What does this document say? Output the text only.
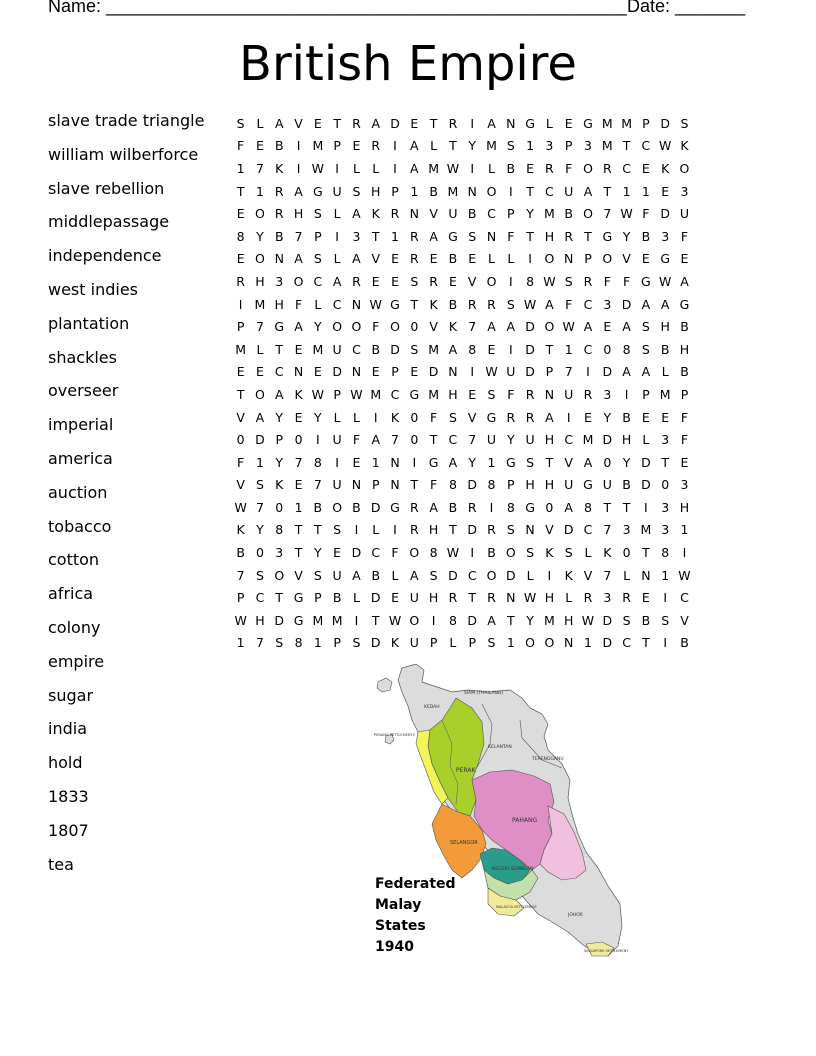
Name: ____________________________________________________ Date: _______
British Empire
slave trade triangle
william wilberforce
slave rebellion
middlepassage
independence
west indies
plantation
shackles
overseer
imperial
america
auction
tobacco
cotton
africa
colony
empire
sugar
india
hold
1833
1807
tea
S L A V E T R A D E T R	I	A N G L E G M M P D S
F E B	I M P E R	I	A L T Y M S 1 3 P 3 M T C W K
1 7 K	I W I	L L	I	A M W I	L B E R F O R C E K O
T 1 R A G U S H P 1 B M N O	I	T C U A T 1 1 E 3
E O R H S L A K R N V U B C P Y M B O 7 W F D U
8 Y B 7 P	I	3 T 1 R A G S N F T H R T G Y B 3 F
E O N A S L A V E R E B E L L	I	O N P O V E G E
R H 3 O C A R E E S R E V O	I	8 W S R F F G W A
I M H F L C N W G T K B R R S W A F C 3 D A A G
P 7 G A Y O O F O 0 V K 7 A A D O W A E A S H B
M L T E M U C B D S M A 8 E	I	D T 1 C 0 8 S B H
E E C N E D N E P E D N	I W U D P 7	I	D A A L B
T O A K W P W M C G M H E S F R N U R 3	I	P M P
V A Y E Y L L	I	K 0 F S V G R R A	I	E Y B E E F
0 D P 0	I	U F A 7 0 T C 7 U Y U H C M D H L 3 F
F 1 Y 7 8	I	E 1 N	I	G A Y 1 G S T V A 0 Y D T E
V S K E 7 U N P N T F 8 D 8 P H H U G U B D 0 3
W 7 0 1 B O B D G R A B R	I	8 G 0 A 8 T T	I	3 H
K Y 8 T T S	I	L	I	R H T D R S N V D C 7 3 M 3 1
B 0 3 T Y E D C F O 8 W I	B O S K S L K 0 T 8	I
7 S O V S U A B L A S D C O D L	I	K V 7 L N 1 W
P C T G P B L D E U H R T R N W H L R 3 R E	I	C
W H D G M M I	T W O	I	8 D A T Y M H W D S B S V
1 7 S 8 1 P S D K U P L P S 1 O O N 1 D C T	I	B
SIAM (THAILAND)
KEDAH
KELANTAN
TERENGGANU
PERAK
PAHANG
SELANGOR
NEGERI SEMBILAN
JOHOR
PENANG SETTLEMENTS
MALACCA SETTLEMENT
SINGAPORE SETTLEMENT
Federated
Malay
States
1940
